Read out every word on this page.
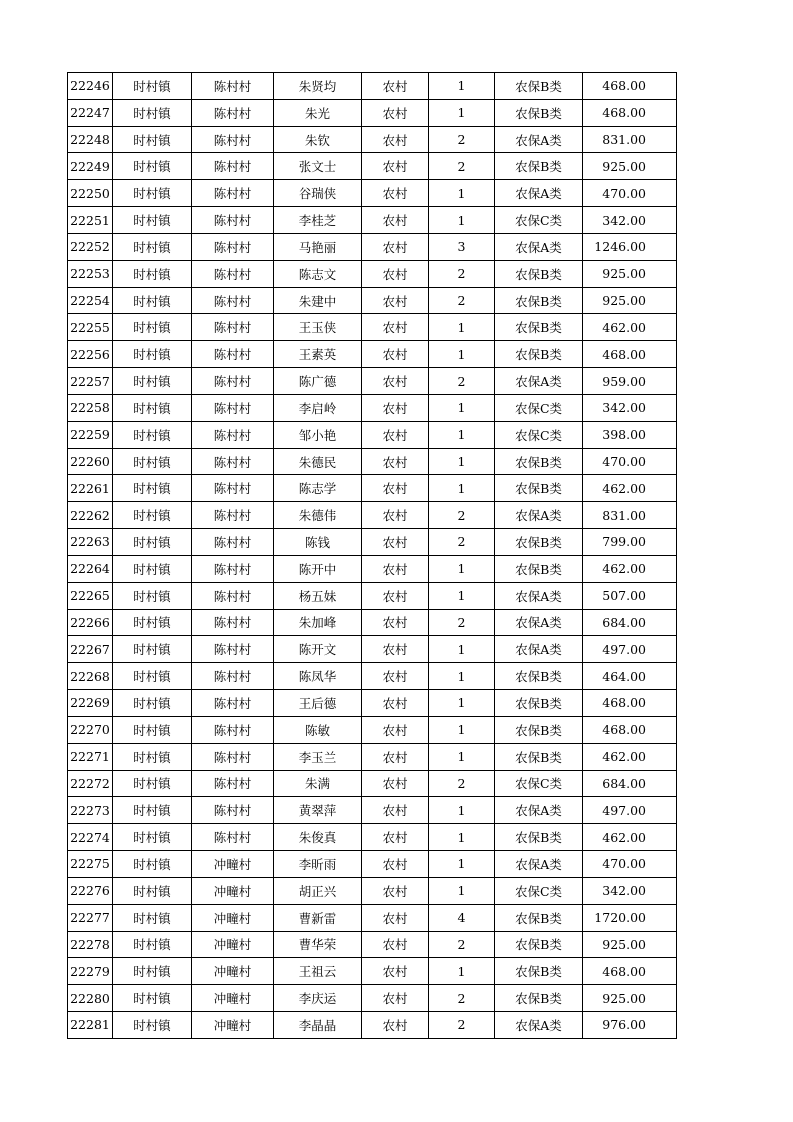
22246	时村镇	陈村村	朱贤均	农村	1	农保B类	468.00
22247	时村镇	陈村村	朱光	农村	1	农保B类	468.00
22248	时村镇	陈村村	朱钦	农村	2	农保A类	831.00
22249	时村镇	陈村村	张文士	农村	2	农保B类	925.00
22250	时村镇	陈村村	谷瑞侠	农村	1	农保A类	470.00
22251	时村镇	陈村村	李桂芝	农村	1	农保C类	342.00
22252	时村镇	陈村村	马艳丽	农村	3	农保A类	1246.00
22253	时村镇	陈村村	陈志文	农村	2	农保B类	925.00
22254	时村镇	陈村村	朱建中	农村	2	农保B类	925.00
22255	时村镇	陈村村	王玉侠	农村	1	农保B类	462.00
22256	时村镇	陈村村	王素英	农村	1	农保B类	468.00
22257	时村镇	陈村村	陈广德	农村	2	农保A类	959.00
22258	时村镇	陈村村	李启岭	农村	1	农保C类	342.00
22259	时村镇	陈村村	邹小艳	农村	1	农保C类	398.00
22260	时村镇	陈村村	朱德民	农村	1	农保B类	470.00
22261	时村镇	陈村村	陈志学	农村	1	农保B类	462.00
22262	时村镇	陈村村	朱德伟	农村	2	农保A类	831.00
22263	时村镇	陈村村	陈钱	农村	2	农保B类	799.00
22264	时村镇	陈村村	陈开中	农村	1	农保B类	462.00
22265	时村镇	陈村村	杨五妹	农村	1	农保A类	507.00
22266	时村镇	陈村村	朱加峰	农村	2	农保A类	684.00
22267	时村镇	陈村村	陈开文	农村	1	农保A类	497.00
22268	时村镇	陈村村	陈凤华	农村	1	农保B类	464.00
22269	时村镇	陈村村	王后德	农村	1	农保B类	468.00
22270	时村镇	陈村村	陈敏	农村	1	农保B类	468.00
22271	时村镇	陈村村	李玉兰	农村	1	农保B类	462.00
22272	时村镇	陈村村	朱满	农村	2	农保C类	684.00
22273	时村镇	陈村村	黄翠萍	农村	1	农保A类	497.00
22274	时村镇	陈村村	朱俊真	农村	1	农保B类	462.00
22275	时村镇	冲疃村	李昕雨	农村	1	农保A类	470.00
22276	时村镇	冲疃村	胡正兴	农村	1	农保C类	342.00
22277	时村镇	冲疃村	曹新雷	农村	4	农保B类	1720.00
22278	时村镇	冲疃村	曹华荣	农村	2	农保B类	925.00
22279	时村镇	冲疃村	王祖云	农村	1	农保B类	468.00
22280	时村镇	冲疃村	李庆运	农村	2	农保B类	925.00
22281	时村镇	冲疃村	李晶晶	农村	2	农保A类	976.00
